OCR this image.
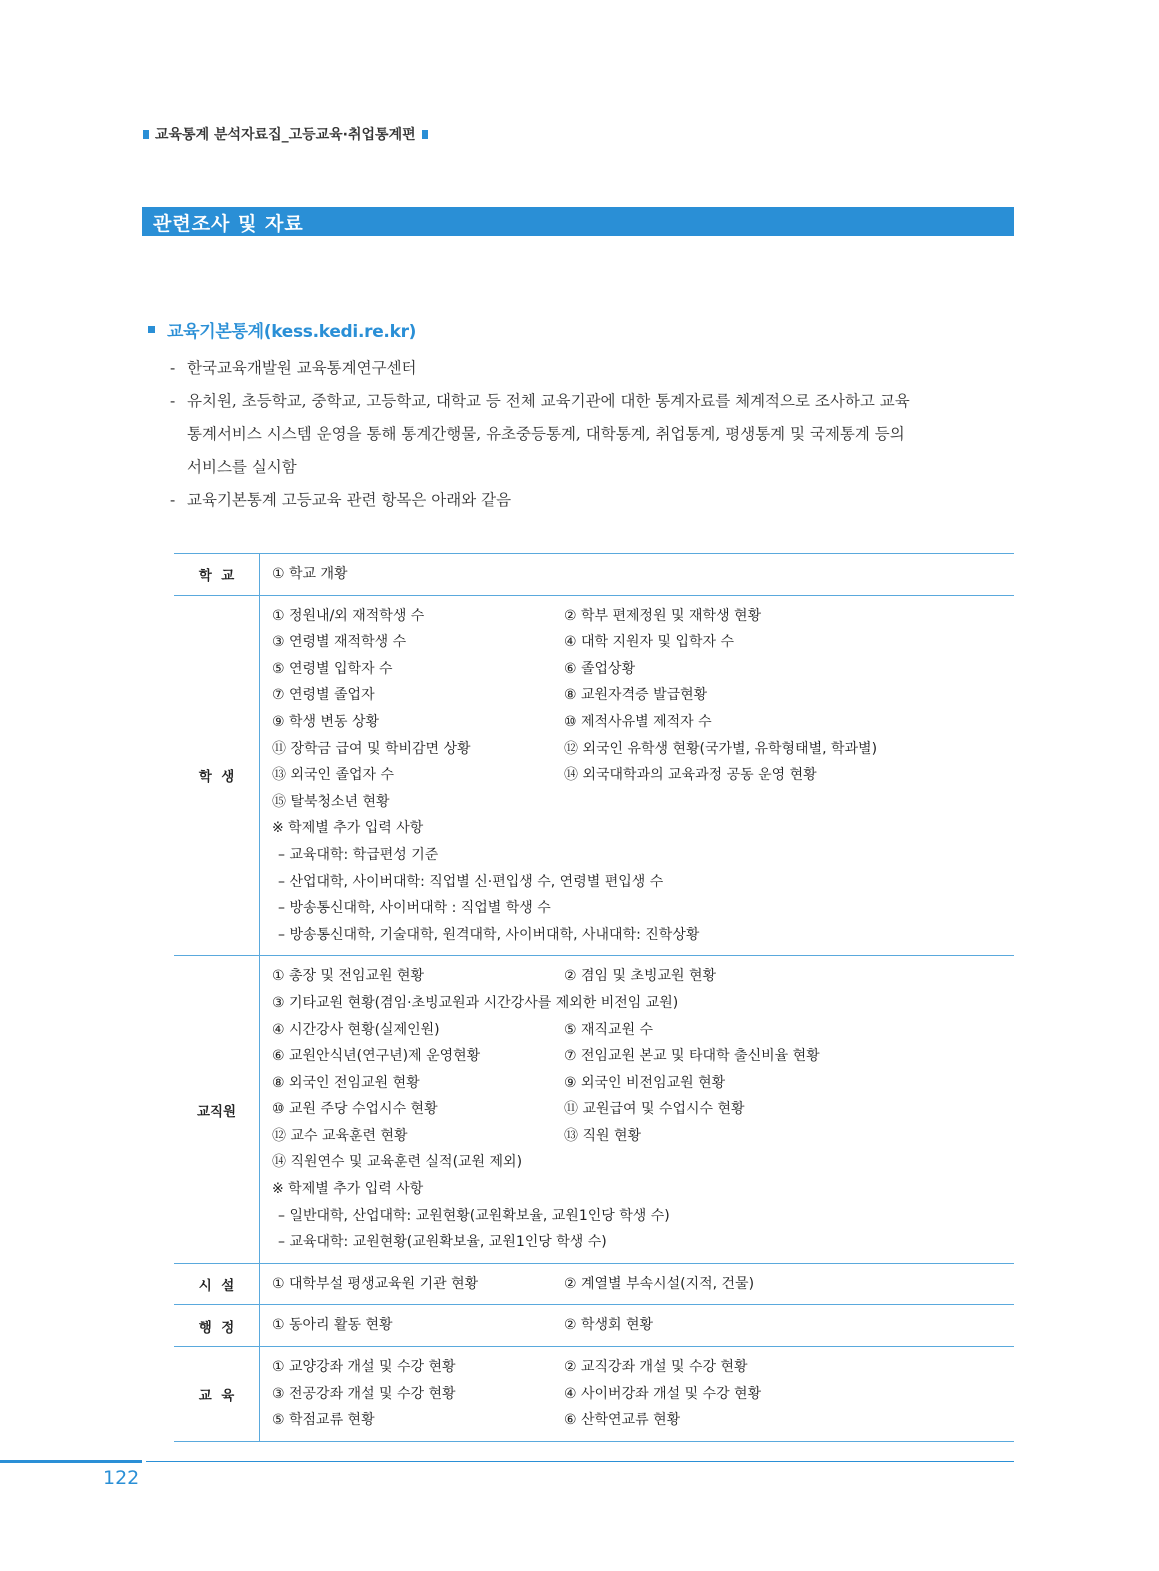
교육통계 분석자료집_고등교육·취업통계편
관련조사 및 자료
교육기본통계(kess.kedi.re.kr)
- 한국교육개발원 교육통계연구센터
- 유치원, 초등학교, 중학교, 고등학교, 대학교 등 전체 교육기관에 대한 통계자료를 체계적으로 조사하고 교육
통계서비스 시스템 운영을 통해 통계간행물, 유초중등통계, 대학통계, 취업통계, 평생통계 및 국제통계 등의
서비스를 실시함
- 교육기본통계 고등교육 관련 항목은 아래와 같음
학  교	① 학교 개황
학  생
① 정원내/외 재적학생 수	② 학부 편제정원 및 재학생 현황
③ 연령별 재적학생 수	④ 대학 지원자 및 입학자 수
⑤ 연령별 입학자 수	⑥ 졸업상황
⑦ 연령별 졸업자	⑧ 교원자격증 발급현황
⑨ 학생 변동 상황	⑩ 제적사유별 제적자 수
⑪ 장학금 급여 및 학비감면 상황	⑫ 외국인 유학생 현황(국가별, 유학형태별, 학과별)
⑬ 외국인 졸업자 수	⑭ 외국대학과의 교육과정 공동 운영 현황
⑮ 탈북청소년 현황
※ 학제별 추가 입력 사항
– 교육대학: 학급편성 기준
– 산업대학, 사이버대학: 직업별 신·편입생 수, 연령별 편입생 수
– 방송통신대학, 사이버대학 : 직업별 학생 수
– 방송통신대학, 기술대학, 원격대학, 사이버대학, 사내대학: 진학상황
교직원
① 총장 및 전임교원 현황	② 겸임 및 초빙교원 현황
③ 기타교원 현황(겸임·초빙교원과 시간강사를 제외한 비전임 교원)
④ 시간강사 현황(실제인원)	⑤ 재직교원 수
⑥ 교원안식년(연구년)제 운영현황	⑦ 전임교원 본교 및 타대학 출신비율 현황
⑧ 외국인 전임교원 현황	⑨ 외국인 비전임교원 현황
⑩ 교원 주당 수업시수 현황	⑪ 교원급여 및 수업시수 현황
⑫ 교수 교육훈련 현황	⑬ 직원 현황
⑭ 직원연수 및 교육훈련 실적(교원 제외)
※ 학제별 추가 입력 사항
– 일반대학, 산업대학: 교원현황(교원확보율, 교원1인당 학생 수)
– 교육대학: 교원현황(교원확보율, 교원1인당 학생 수)
시  설	① 대학부설 평생교육원 기관 현황	② 계열별 부속시설(지적, 건물)
행  정	① 동아리 활동 현황	② 학생회 현황
교  육
① 교양강좌 개설 및 수강 현황	② 교직강좌 개설 및 수강 현황
③ 전공강좌 개설 및 수강 현황	④ 사이버강좌 개설 및 수강 현황
⑤ 학점교류 현황	⑥ 산학연교류 현황
122
